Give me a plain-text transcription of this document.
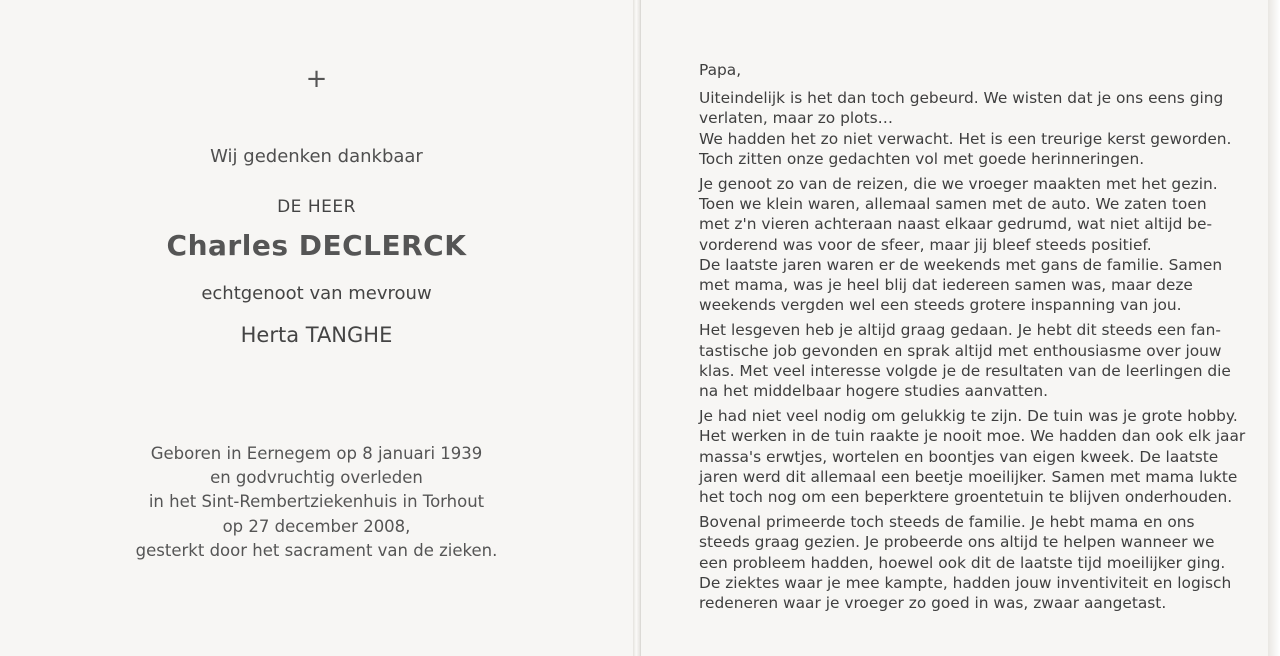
+
Wij gedenken dankbaar
DE HEER
Charles DECLERCK
echtgenoot van mevrouw
Herta TANGHE
Geboren in Eernegem op 8 januari 1939
en godvruchtig overleden
in het Sint-Rembertziekenhuis in Torhout
op 27 december 2008,
gesterkt door het sacrament van de zieken.
Papa,
Uiteindelijk is het dan toch gebeurd. We wisten dat je ons eens ging
verlaten, maar zo plots…
We hadden het zo niet verwacht. Het is een treurige kerst geworden.
Toch zitten onze gedachten vol met goede herinneringen.
Je genoot zo van de reizen, die we vroeger maakten met het gezin.
Toen we klein waren, allemaal samen met de auto. We zaten toen
met z'n vieren achteraan naast elkaar gedrumd, wat niet altijd be-
vorderend was voor de sfeer, maar jij bleef steeds positief.
De laatste jaren waren er de weekends met gans de familie. Samen
met mama, was je heel blij dat iedereen samen was, maar deze
weekends vergden wel een steeds grotere inspanning van jou.
Het lesgeven heb je altijd graag gedaan. Je hebt dit steeds een fan-
tastische job gevonden en sprak altijd met enthousiasme over jouw
klas. Met veel interesse volgde je de resultaten van de leerlingen die
na het middelbaar hogere studies aanvatten.
Je had niet veel nodig om gelukkig te zijn. De tuin was je grote hobby.
Het werken in de tuin raakte je nooit moe. We hadden dan ook elk jaar
massa's erwtjes, wortelen en boontjes van eigen kweek. De laatste
jaren werd dit allemaal een beetje moeilijker. Samen met mama lukte
het toch nog om een beperktere groentetuin te blijven onderhouden.
Bovenal primeerde toch steeds de familie. Je hebt mama en ons
steeds graag gezien. Je probeerde ons altijd te helpen wanneer we
een probleem hadden, hoewel ook dit de laatste tijd moeilijker ging.
De ziektes waar je mee kampte, hadden jouw inventiviteit en logisch
redeneren waar je vroeger zo goed in was, zwaar aangetast.
